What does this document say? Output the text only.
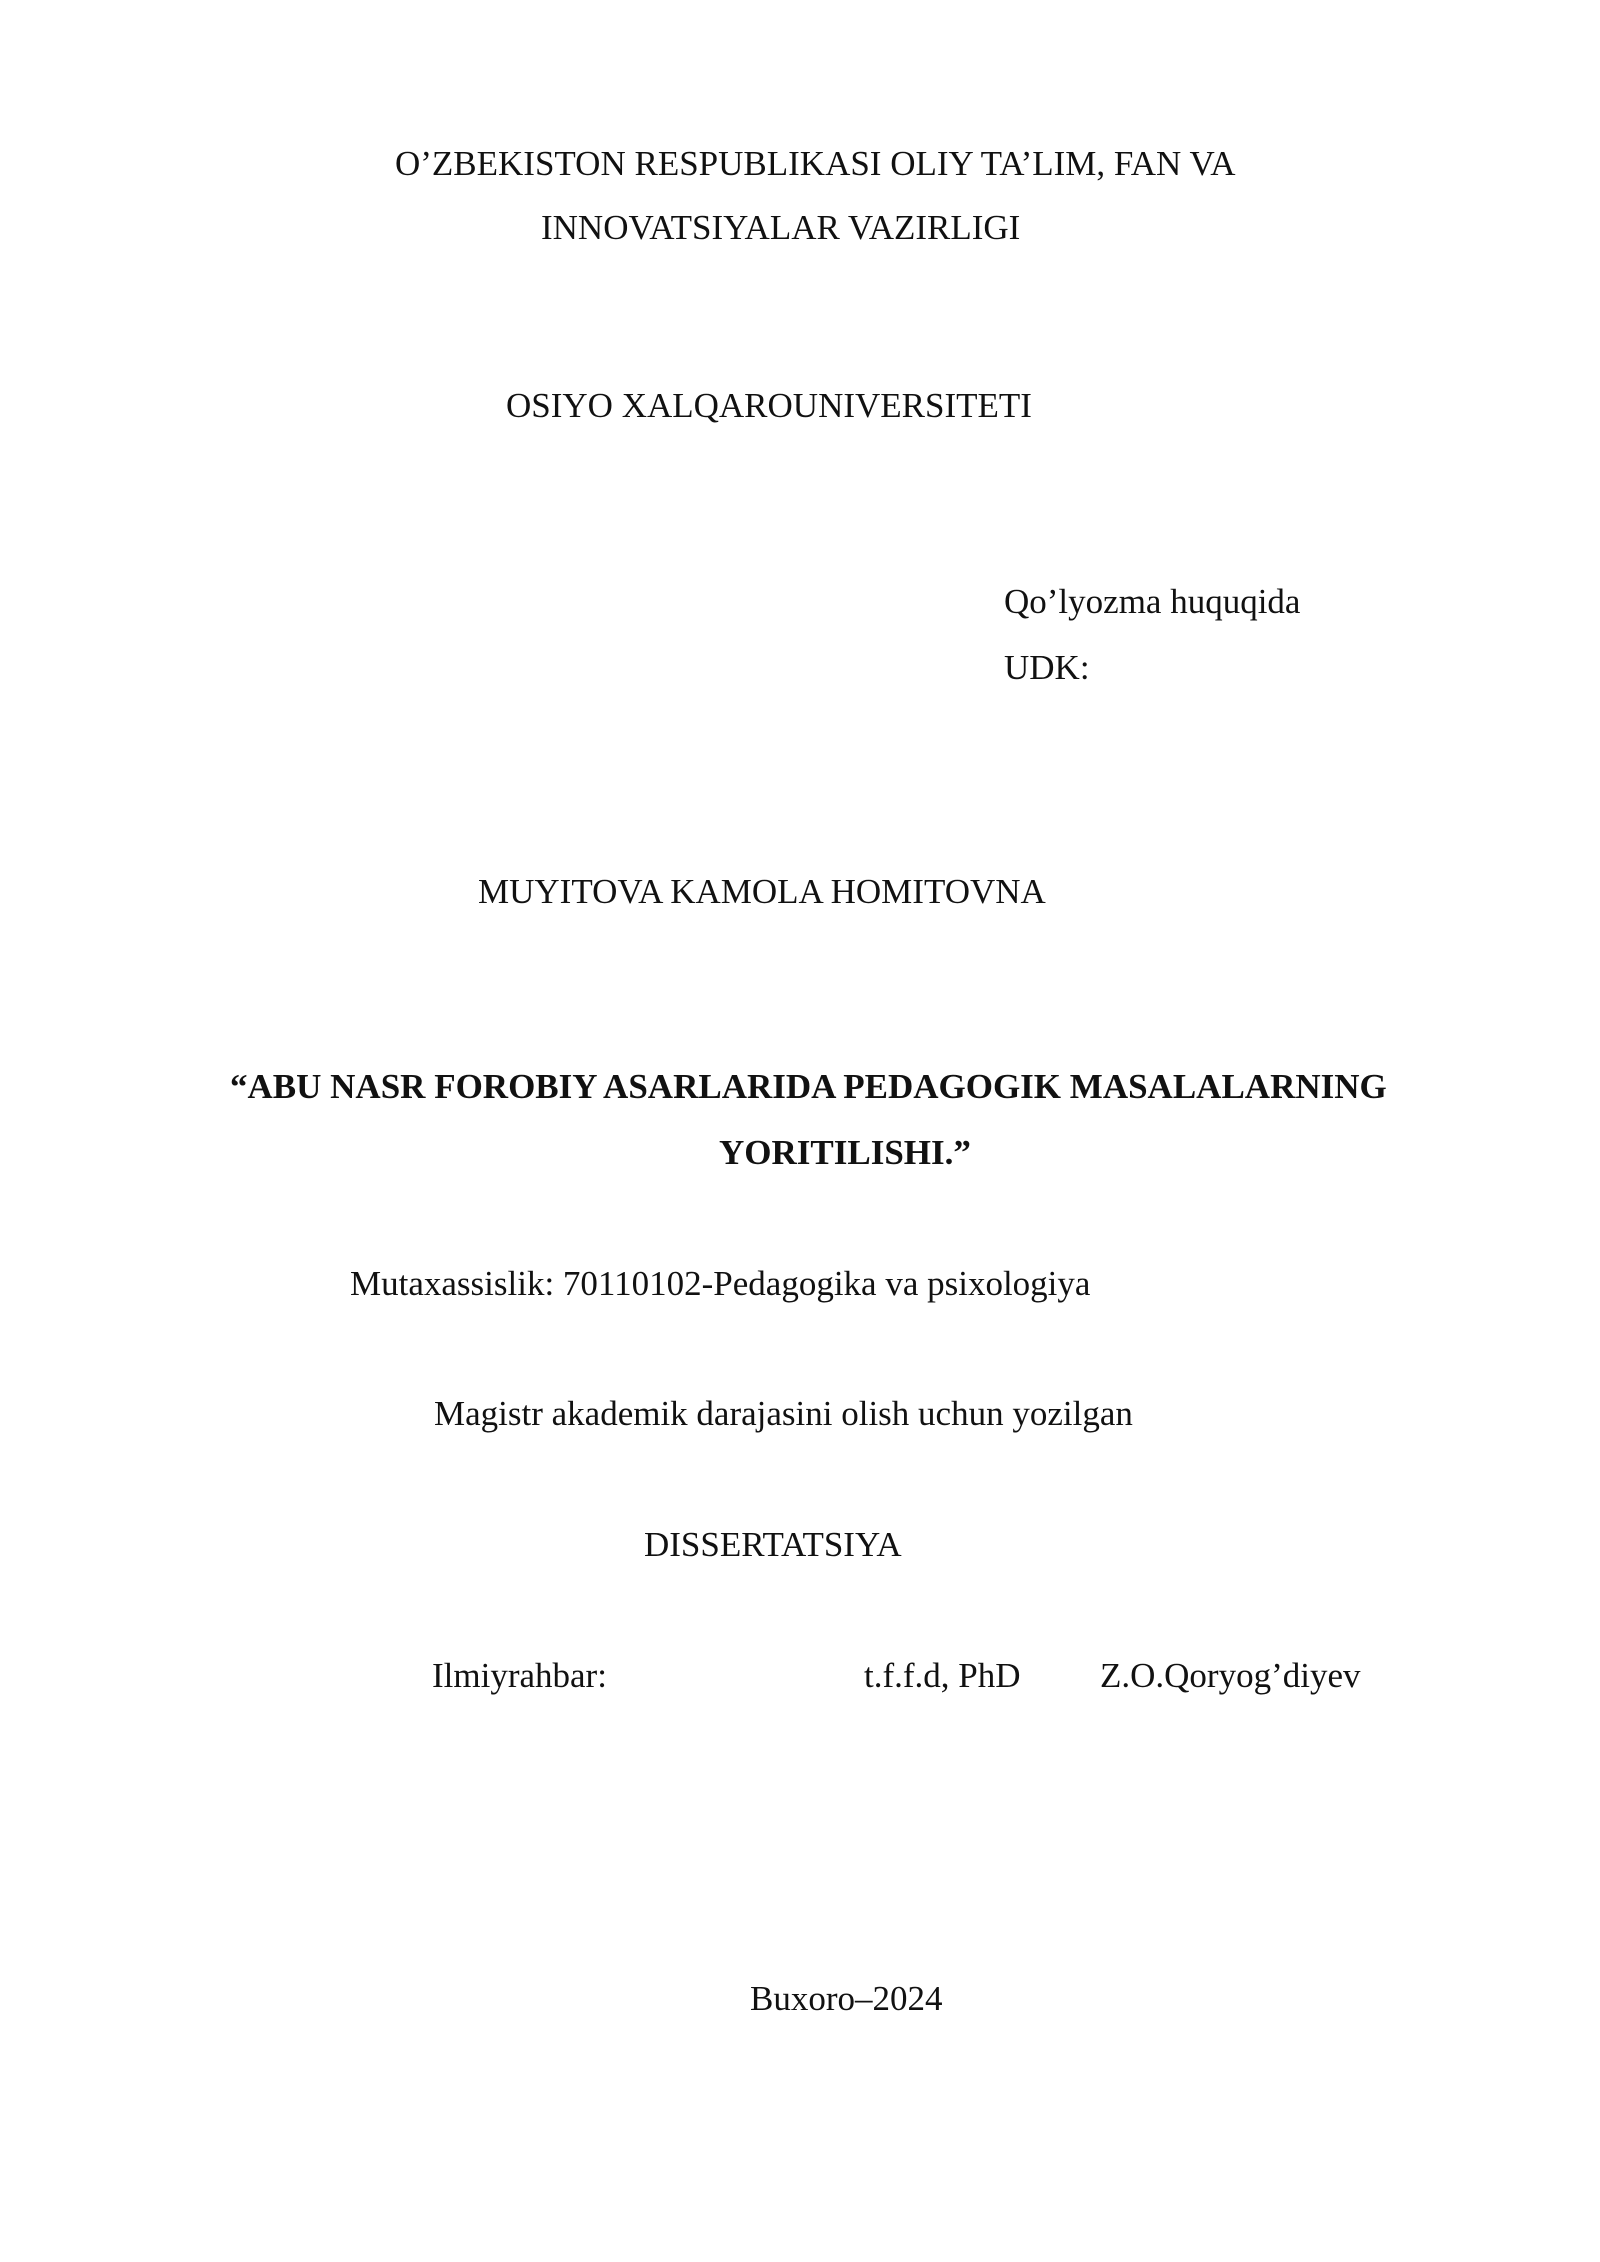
O’ZBEKISTON RESPUBLIKASI OLIY TA’LIM, FAN VA

INNOVATSIYALAR VAZIRLIGI

OSIYO XALQAROUNIVERSITETI

Qo’lyozma huquqida

UDK:

MUYITOVA KAMOLA HOMITOVNA

“ABU NASR FOROBIY ASARLARIDA PEDAGOGIK MASALALARNING
YORITILISHI.”

Mutaxassislik: 70110102-Pedagogika va psixologiya

Magistr akademik darajasini olish uchun yozilgan

DISSERTATSIYA

Ilmiyrahbar:	t.f.f.d, PhD Z.O.Qoryog’diyev

Buxoro–2024
